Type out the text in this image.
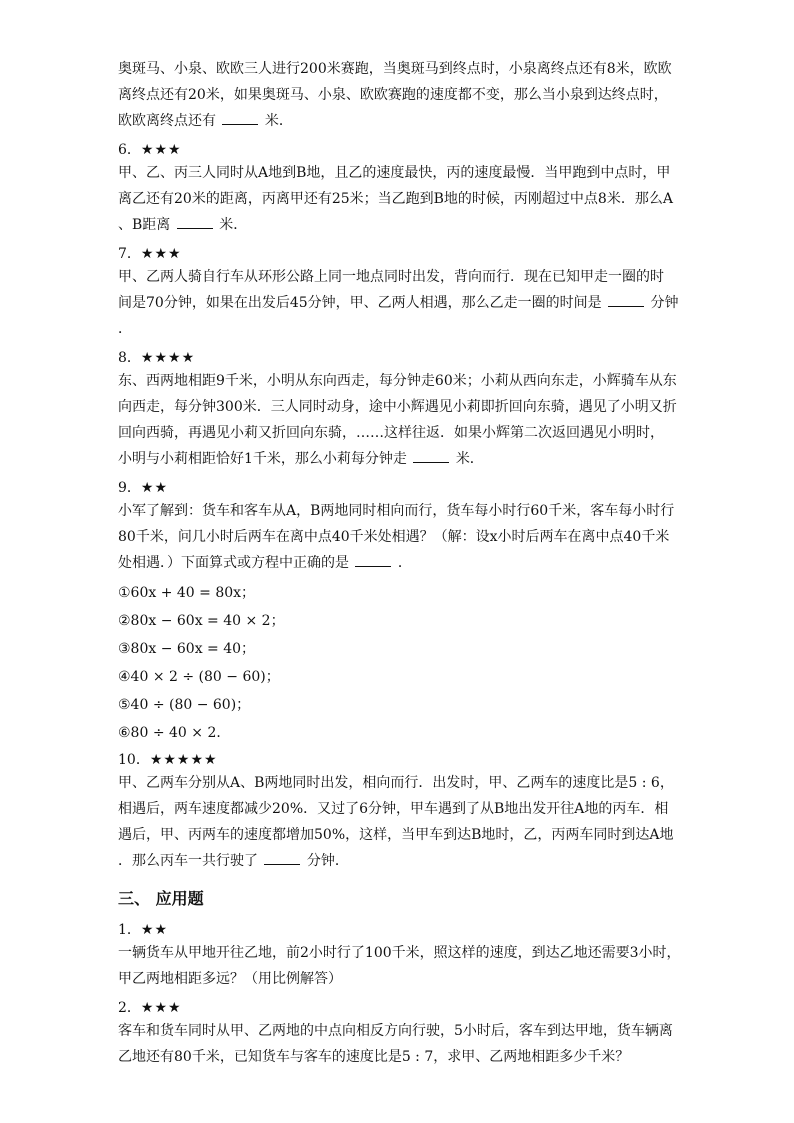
奥斑马、小泉、欧欧三人进行200米赛跑，当奥斑马到终点时，小泉离终点还有8米，欧欧
离终点还有20米，如果奥斑马、小泉、欧欧赛跑的速度都不变，那么当小泉到达终点时，
欧欧离终点还有	米．
6．★★★
甲、乙、丙三人同时从A地到B地，且乙的速度最快，丙的速度最慢．当甲跑到中点时，甲
离乙还有20米的距离，丙离甲还有25米；当乙跑到B地的时候，丙刚超过中点8米．那么A
、B距离	米．
7．★★★
甲、乙两人骑自行车从环形公路上同一地点同时出发，背向而行．现在已知甲走一圈的时
间是70分钟，如果在出发后45分钟，甲、乙两人相遇，那么乙走一圈的时间是	分钟
．
8．★★★★
东、西两地相距9千米，小明从东向西走，每分钟走60米；小莉从西向东走，小辉骑车从东
向西走，每分钟300米．三人同时动身，途中小辉遇见小莉即折回向东骑，遇见了小明又折
回向西骑，再遇见小莉又折回向东骑，……这样往返．如果小辉第二次返回遇见小明时，
小明与小莉相距恰好1千米，那么小莉每分钟走	米．
9．★★
小军了解到：货车和客车从A，B两地同时相向而行，货车每小时行60千米，客车每小时行
80千米，问几小时后两车在离中点40千米处相遇？（解：设x小时后两车在离中点40千米
处相遇．）下面算式或方程中正确的是	．
①60x + 40 = 80x；
②80x − 60x = 40 × 2；
③80x − 60x = 40；
④40 × 2 ÷ (80 − 60)；
⑤40 ÷ (80 − 60)；
⑥80 ÷ 40 × 2．
10．★★★★★
甲、乙两车分别从A、B两地同时出发，相向而行．出发时，甲、乙两车的速度比是5 : 6，
相遇后，两车速度都减少20%．又过了6分钟，甲车遇到了从B地出发开往A地的丙车．相
遇后，甲、丙两车的速度都增加50%，这样，当甲车到达B地时，乙，丙两车同时到达A地
．那么丙车一共行驶了	分钟．
三、 应用题
1．★★
一辆货车从甲地开往乙地，前2小时行了100千米，照这样的速度，到达乙地还需要3小时，
甲乙两地相距多远？（用比例解答）
2．★★★
客车和货车同时从甲、乙两地的中点向相反方向行驶，5小时后，客车到达甲地，货车辆离
乙地还有80千米，已知货车与客车的速度比是5 : 7，求甲、乙两地相距多少千米？
